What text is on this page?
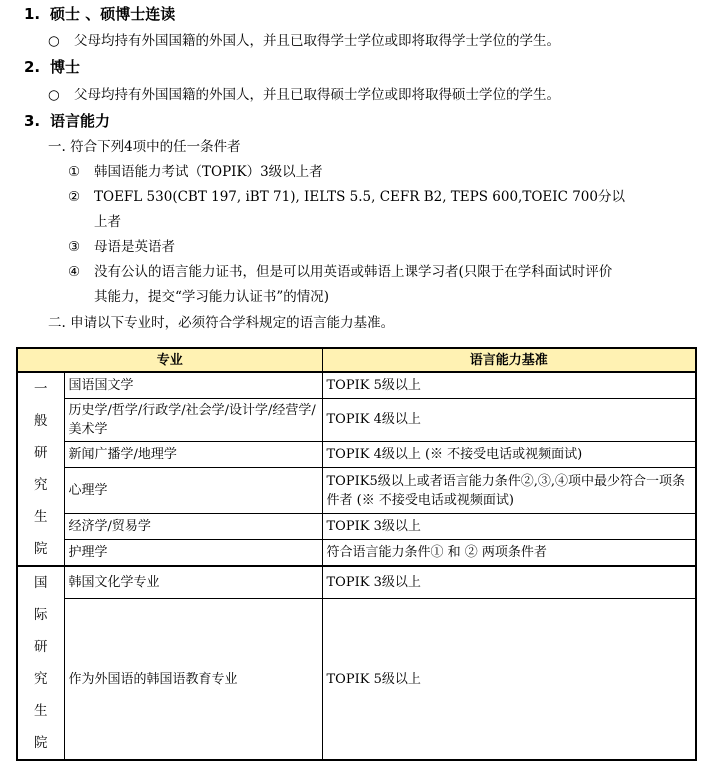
1. 硕士 、硕博士连读
○ 父母均持有外国国籍的外国人，并且已取得学士学位或即将取得学士学位的学生。
2. 博士
○ 父母均持有外国国籍的外国人，并且已取得硕士学位或即将取得硕士学位的学生。
3. 语言能力
一. 符合下列4项中的任一条件者
① 韩国语能力考试（TOPIK）3级以上者
② TOEFL 530(CBT 197, iBT 71), IELTS 5.5, CEFR B2, TEPS 600,TOEIC 700分以
上者
③ 母语是英语者
④ 没有公认的语言能力证书，但是可以用英语或韩语上课学习者(只限于在学科面试时评价
其能力，提交“学习能力认证书”的情况)
二. 申请以下专业时，必须符合学科规定的语言能力基准。
专业		语言能力基准

一般研究生院	国语国文学	TOPIK 5级以上
	历史学/哲学/行政学/社会学/设计学/经营学/美术学	TOPIK 4级以上
	新闻广播学/地理学	TOPIK 4级以上 (※ 不接受电话或视频面试)
	心理学	TOPIK5级以上或者语言能力条件②,③,④项中最少符合一项条件者 (※ 不接受电话或视频面试)
	经济学/贸易学	TOPIK 3级以上
	护理学	符合语言能力条件① 和 ② 两项条件者

国际研究生院	韩国文化学专业	TOPIK 3级以上
	作为外国语的韩国语教育专业	TOPIK 5级以上
